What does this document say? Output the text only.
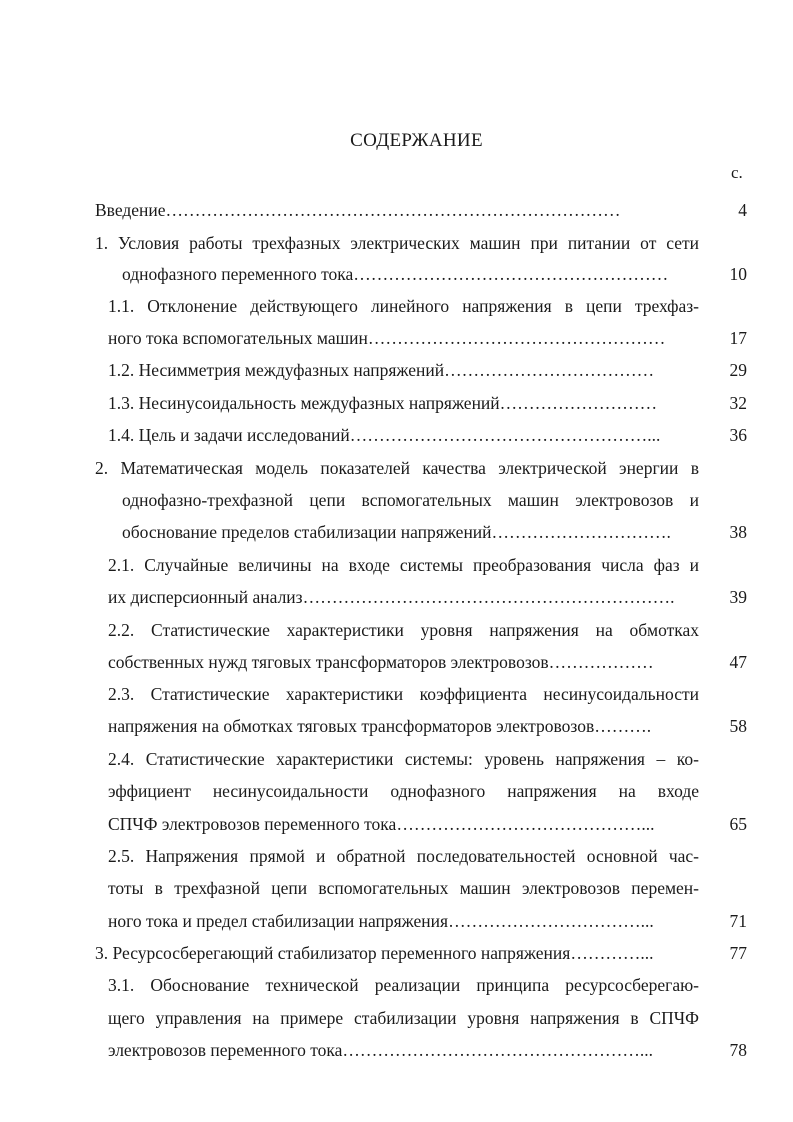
СОДЕРЖАНИЕ
с.
Введение……………………………………………………………………	4
1. Условия работы трехфазных электрических машин при питании от сети
однофазного переменного тока………………………………………………	10
1.1. Отклонение действующего линейного напряжения в цепи трехфаз-
ного тока вспомогательных машин……………………………………………	17
1.2. Несимметрия междуфазных напряжений………………………………	29
1.3. Несинусоидальность междуфазных напряжений………………………	32
1.4. Цель и задачи исследований……………………………………………...	36
2. Математическая модель показателей качества электрической энергии в
однофазно-трехфазной цепи вспомогательных машин электровозов и
обоснование пределов стабилизации напряжений………………………….	38
2.1. Случайные величины на входе системы преобразования числа фаз и
их дисперсионный анализ……………………………………………………….	39
2.2. Статистические характеристики уровня напряжения на обмотках
собственных нужд тяговых трансформаторов электровозов………………	47
2.3. Статистические характеристики коэффициента несинусоидальности
напряжения на обмотках тяговых трансформаторов электровозов……….	58
2.4. Статистические характеристики системы: уровень напряжения – ко-
эффициент несинусоидальности однофазного напряжения на входе
СПЧФ электровозов переменного тока……………………………………...	65
2.5. Напряжения прямой и обратной последовательностей основной час-
тоты в трехфазной цепи вспомогательных машин электровозов перемен-
ного тока и предел стабилизации напряжения……………………………...	71
3. Ресурсосберегающий стабилизатор переменного напряжения…………...	77
3.1. Обоснование технической реализации принципа ресурсосберегаю-
щего управления на примере стабилизации уровня напряжения в СПЧФ
электровозов переменного тока……………………………………………...	78
